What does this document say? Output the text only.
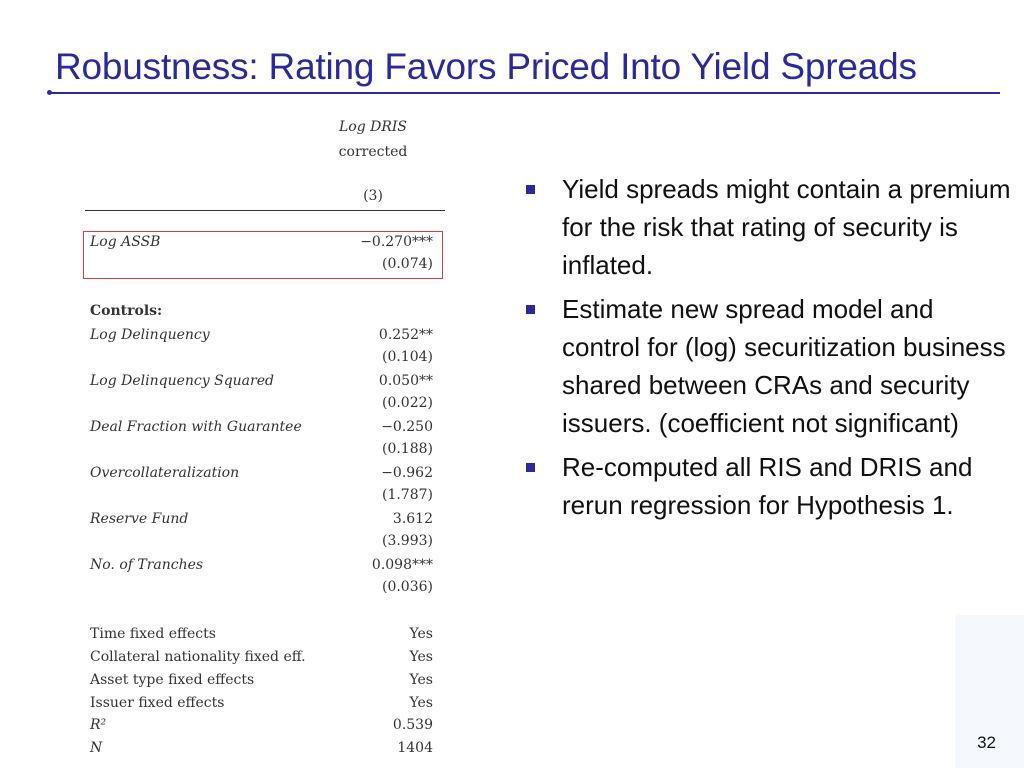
Robustness: Rating Favors Priced Into Yield Spreads
Log DRIS
corrected
(3)
Log ASSB	−0.270***
(0.074)
Controls:
Log Delinquency	0.252**
(0.104)
Log Delinquency Squared	0.050**
(0.022)
Deal Fraction with Guarantee	−0.250
(0.188)
Overcollateralization	−0.962
(1.787)
Reserve Fund	3.612
(3.993)
No. of Tranches	0.098***
(0.036)
Time fixed effects	Yes
Collateral nationality fixed eff.	Yes
Asset type fixed effects	Yes
Issuer fixed effects	Yes
R²	0.539
N	1404
Yield spreads might contain a premium for the risk that rating of security is inflated.
Estimate new spread model and control for (log) securitization business shared between CRAs and security issuers. (coefficient not significant)
Re-computed all RIS and DRIS and rerun regression for Hypothesis 1.
32
